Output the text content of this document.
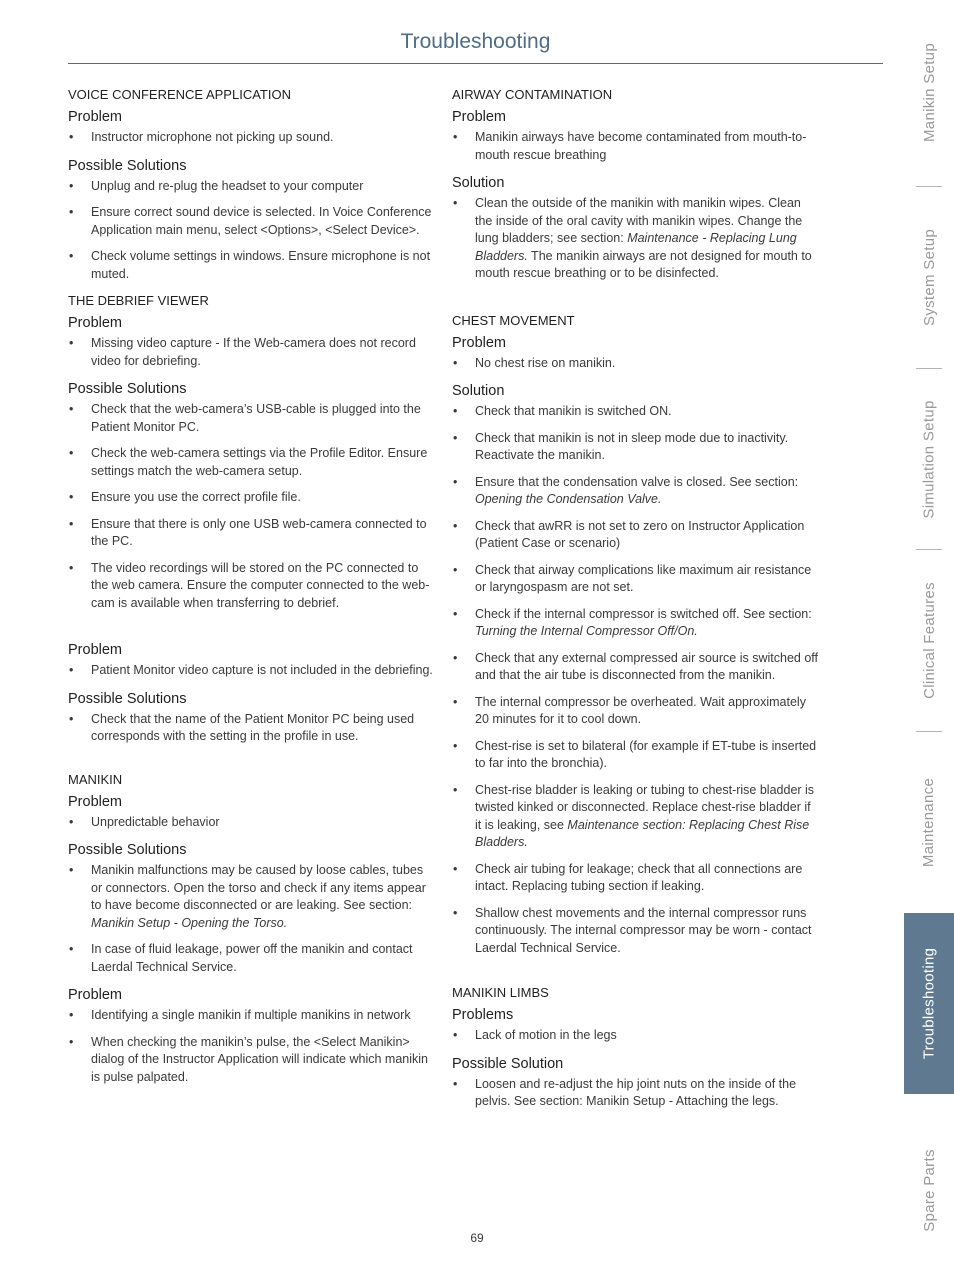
Troubleshooting
VOICE CONFERENCE APPLICATION
Problem
• Instructor microphone not picking up sound.
Possible Solutions
• Unplug and re-plug the headset to your computer
• Ensure correct sound device is selected. In Voice Conference Application main menu, select <Options>, <Select Device>.
• Check volume settings in windows. Ensure microphone is not muted.
THE DEBRIEF VIEWER
Problem
• Missing video capture - If the Web-camera does not record video for debriefing.
Possible Solutions
• Check that the web-camera’s USB-cable is plugged into the Patient Monitor PC.
• Check the web-camera settings via the Profile Editor. Ensure settings match the web-camera setup.
• Ensure you use the correct profile file.
• Ensure that there is only one USB web-camera connected to the PC.
• The video recordings will be stored on the PC connected to the web camera. Ensure the computer connected to the web-cam is available when transferring to debrief.
Problem
• Patient Monitor video capture is not included in the debriefing.
Possible Solutions
• Check that the name of the Patient Monitor PC being used corresponds with the setting in the profile in use.
MANIKIN
Problem
• Unpredictable behavior
Possible Solutions
• Manikin malfunctions may be caused by loose cables, tubes or connectors. Open the torso and check if any items appear to have become disconnected or are leaking. See section: Manikin Setup - Opening the Torso.
• In case of fluid leakage, power off the manikin and contact Laerdal Technical Service.
Problem
• Identifying a single manikin if multiple manikins in network
• When checking the manikin’s pulse, the <Select Manikin> dialog of the Instructor Application will indicate which manikin is pulse palpated.
AIRWAY CONTAMINATION
Problem
• Manikin airways have become contaminated from mouth-to-mouth rescue breathing
Solution
• Clean the outside of the manikin with manikin wipes. Clean the inside of the oral cavity with manikin wipes. Change the lung bladders; see section: Maintenance - Replacing Lung Bladders. The manikin airways are not designed for mouth to mouth rescue breathing or to be disinfected.
CHEST MOVEMENT
Problem
• No chest rise on manikin.
Solution
• Check that manikin is switched ON.
• Check that manikin is not in sleep mode due to inactivity. Reactivate the manikin.
• Ensure that the condensation valve is closed. See section: Opening the Condensation Valve.
• Check that awRR is not set to zero on Instructor Application (Patient Case or scenario)
• Check that airway complications like maximum air resistance or laryngospasm are not set.
• Check if the internal compressor is switched off. See section: Turning the Internal Compressor Off/On.
• Check that any external compressed air source is switched off and that the air tube is disconnected from the manikin.
• The internal compressor be overheated. Wait approximately 20 minutes for it to cool down.
• Chest-rise is set to bilateral (for example if ET-tube is inserted to far into the bronchia).
• Chest-rise bladder is leaking or tubing to chest-rise bladder is twisted kinked or disconnected. Replace chest-rise bladder if it is leaking, see Maintenance section: Replacing Chest Rise Bladders.
• Check air tubing for leakage; check that all connections are intact. Replacing tubing section if leaking.
• Shallow chest movements and the internal compressor runs continuously. The internal compressor may be worn - contact Laerdal Technical Service.
MANIKIN LIMBS
Problems
• Lack of motion in the legs
Possible Solution
• Loosen and re-adjust the hip joint nuts on the inside of the pelvis. See section: Manikin Setup - Attaching the legs.
69
Manikin Setup
System Setup
Simulation Setup
Clinical Features
Maintenance
Troubleshooting
Spare Parts
